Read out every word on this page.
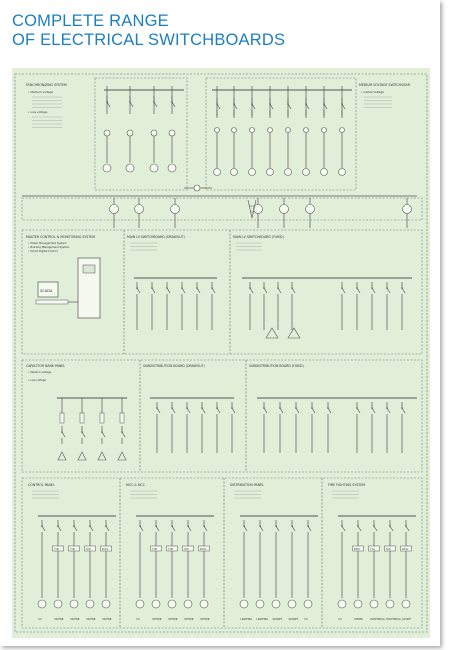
COMPLETE RANGE
OF ELECTRICAL SWITCHBOARDS
SYNCHRONIZING SYSTEM
• Medium voltage
• Low voltage
MEDIUM VOLTAGE SWITCHGEAR
• Global Voltage
MASTER CONTROL & MONITORING SYSTEM
• Power Management System
• Building Management System
• Direct Digital Control
SCADA
MAIN LV SWITCHBOARD (DRAWOUT)	MAIN LV SWITCHBOARD (FIXED)
CAPACITOR BANK PANEL
• Medium voltage
• Low voltage
SUBDISTRIBUTION BOARD (DRAWOUT)	SUBDISTRIBUTION BOARD (FIXED)
CONTROL PANEL
UV	MOTOR	MOTOR	MOTOR	MOTOR
Y/D	Y/D	S/S	DOL
MCC & MCC
UV	MOTOR	MOTOR	MOTOR	MOTOR
Y/D	Y/D	S/S	DOL
DISTRIBUTION PANEL
LIGHTING LIGHTING SOCKET	SOCKET	UV
FIRE FIGHTING SYSTEM
UV	DIESEL	ELECTRICAL ELECTRICAL JOCKEY
DPC	Y/A	S/S	DOL
